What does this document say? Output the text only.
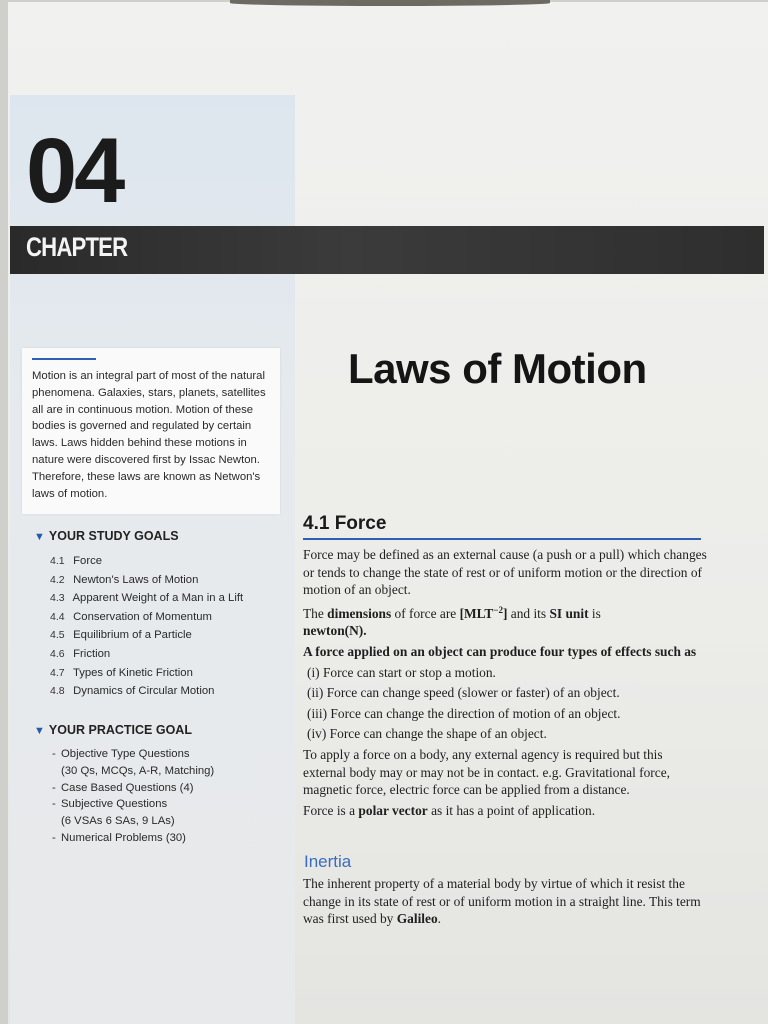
04
CHAPTER
Motion is an integral part of most of the natural phenomena. Galaxies, stars, planets, satellites all are in continuous motion. Motion of these bodies is governed and regulated by certain laws. Laws hidden behind these motions in nature were discovered first by Issac Newton. Therefore, these laws are known as Netwon's laws of motion.
▼ YOUR STUDY GOALS
4.1 Force
4.2 Newton's Laws of Motion
4.3 Apparent Weight of a Man in a Lift
4.4 Conservation of Momentum
4.5 Equilibrium of a Particle
4.6 Friction
4.7 Types of Kinetic Friction
4.8 Dynamics of Circular Motion
▼ YOUR PRACTICE GOAL
- Objective Type Questions
(30 Qs, MCQs, A-R, Matching)
- Case Based Questions (4)
- Subjective Questions
(6 VSAs 6 SAs, 9 LAs)
- Numerical Problems (30)
Laws of Motion
4.1 Force

Force may be defined as an external cause (a push or a pull) which changes or tends to change the state of rest or of uniform motion or the direction of motion of an object.

The dimensions of force are $[MLT^{-2}]$ and its SI unit is
newton(N).

A force applied on an object can produce four types of effects such as

(i) Force can start or stop a motion.
(ii) Force can change speed (slower or faster) of an object.
(iii) Force can change the direction of motion of an object.
(iv) Force can change the shape of an object.

To apply a force on a body, any external agency is required but this external body may or may not be in contact. e.g. Gravitational force, magnetic force, electric force can be applied from a distance.

Force is a polar vector as it has a point of application.

Inertia
The inherent property of a material body by virtue of which it resist the change in its state of rest or of uniform motion in a straight line. This term was first used by Galileo.
